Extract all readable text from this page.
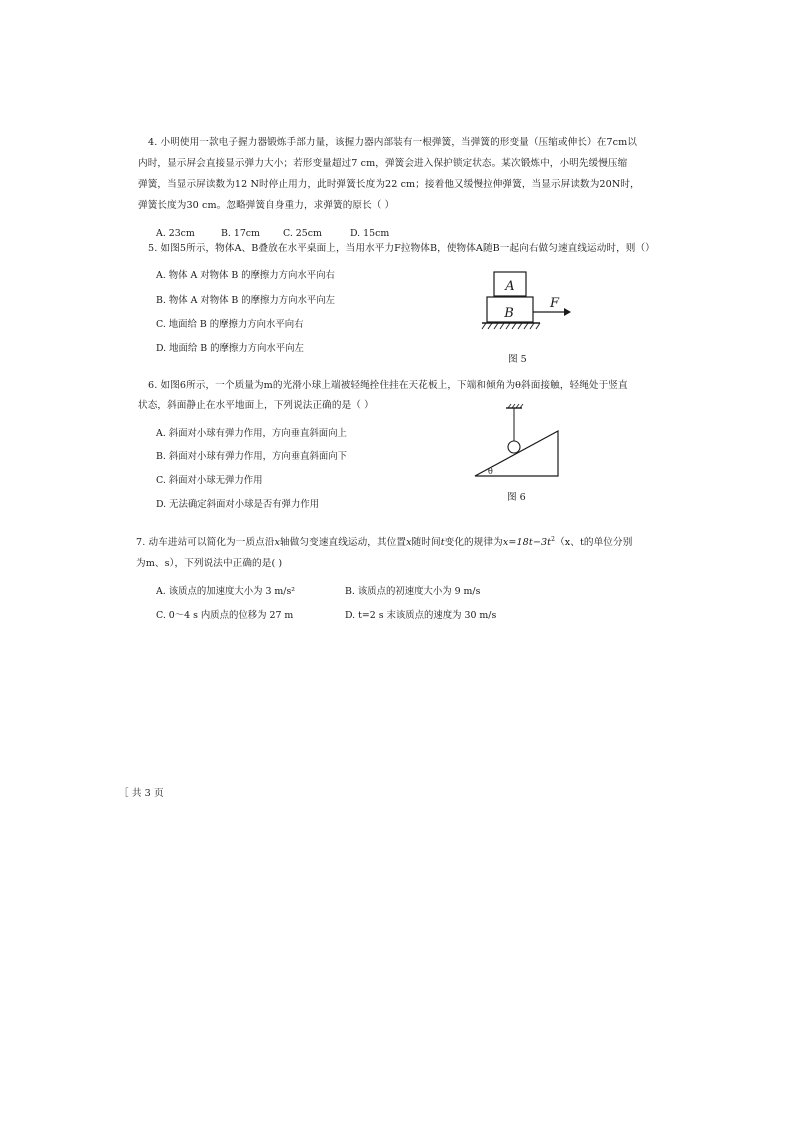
4. 小明使用一款电子握力器锻炼手部力量，该握力器内部装有一根弹簧，当弹簧的形变量（压缩或伸长）在7cm以
内时，显示屏会直接显示弹力大小；若形变量超过7 cm，弹簧会进入保护锁定状态。某次锻炼中，小明先缓慢压缩
弹簧，当显示屏读数为12 N时停止用力，此时弹簧长度为22 cm；接着他又缓慢拉伸弹簧，当显示屏读数为20N时，
弹簧长度为30 cm。忽略弹簧自身重力，求弹簧的原长（ ）
A. 23cm	B. 17cm C. 25cm	D. 15cm
5. 如图5所示，物体A、B叠放在水平桌面上，当用水平力F拉物体B，使物体A随B一起向右做匀速直线运动时，则（）
A. 物体 A 对物体 B 的摩擦力方向水平向右
B. 物体 A 对物体 B 的摩擦力方向水平向左
C. 地面给 B 的摩擦力方向水平向右
D. 地面给 B 的摩擦力方向水平向左
A
B
F
图 5
6. 如图6所示，一个质量为m的光滑小球上端被轻绳拴住挂在天花板上，下端和倾角为θ斜面接触，轻绳处于竖直
状态，斜面静止在水平地面上，下列说法正确的是（ ）
A. 斜面对小球有弹力作用，方向垂直斜面向上
B. 斜面对小球有弹力作用，方向垂直斜面向下
C. 斜面对小球无弹力作用
D. 无法确定斜面对小球是否有弹力作用
θ
图 6
7. 动车进站可以简化为一质点沿x轴做匀变速直线运动，其位置x随时间t变化的规律为$x=18t-3t^2(x$、t的单位分别
为m、s），下列说法中正确的是( )
A. 该质点的加速度大小为 3 m/s²	B. 该质点的初速度大小为 9 m/s
C. 0～4 s 内质点的位移为 27 m	D. t=2 s 末该质点的速度为 30 m/s
［ 共 3 页
